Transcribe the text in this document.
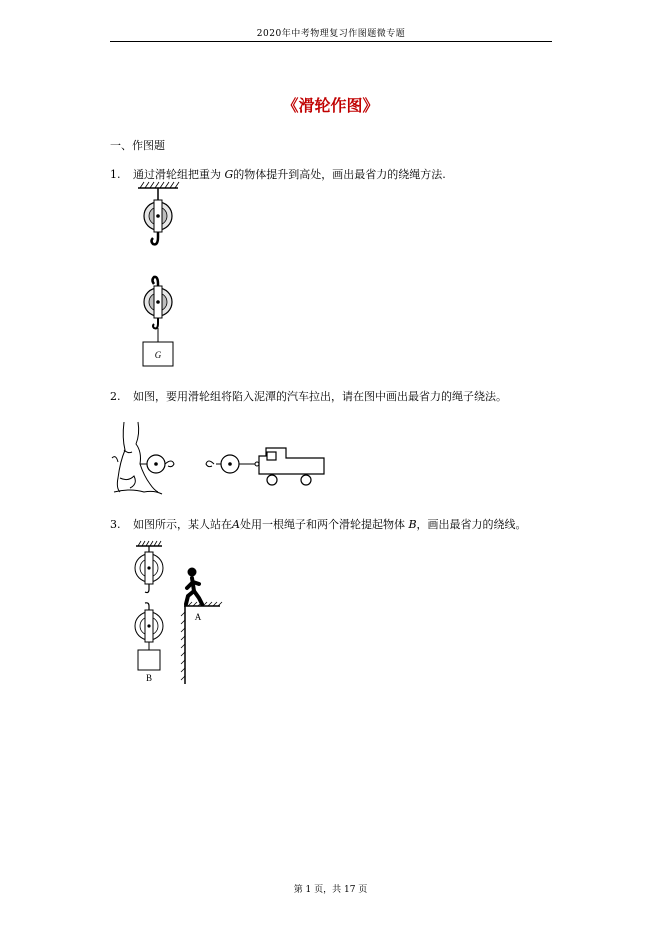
2020年中考物理复习作图题微专题
《滑轮作图》
一、作图题
1. 通过滑轮组把重为 G的物体提升到高处，画出最省力的绕绳方法.
G
2. 如图，要用滑轮组将陷入泥潭的汽车拉出，请在图中画出最省力的绳子绕法。
3. 如图所示，某人站在A处用一根绳子和两个滑轮提起物体 B，画出最省力的绕线。
B
A
第 1 页，共 17 页
